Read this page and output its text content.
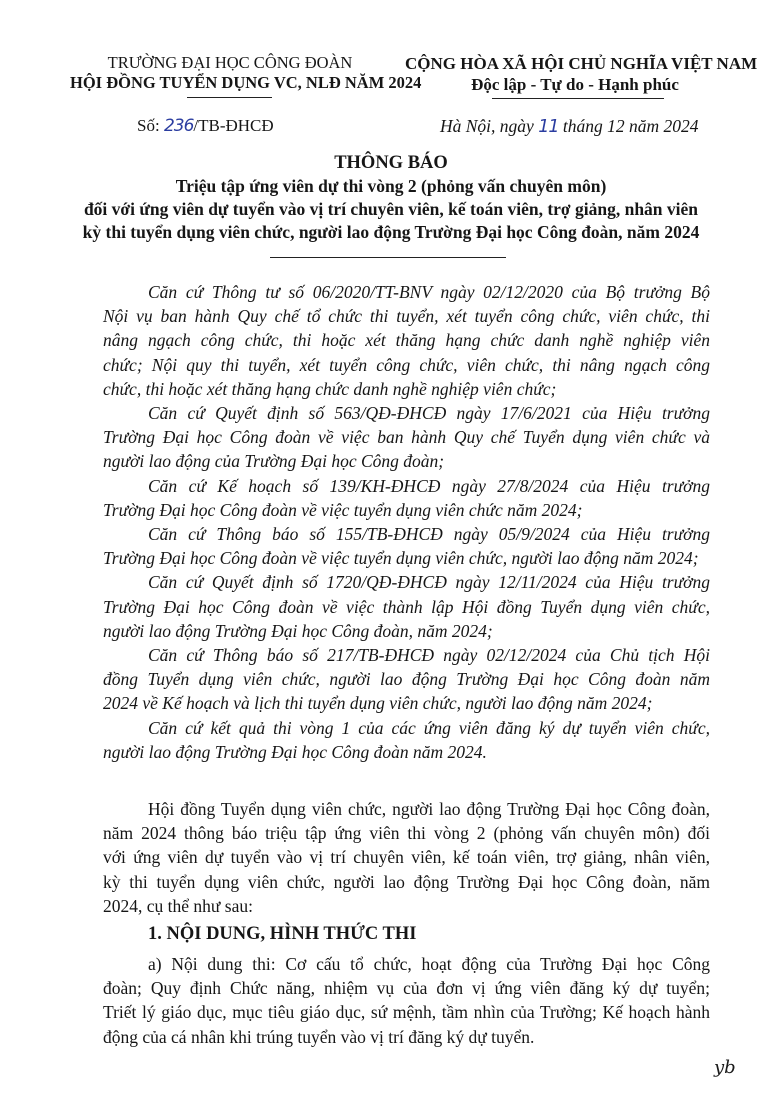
TRƯỜNG ĐẠI HỌC CÔNG ĐOÀN
HỘI ĐỒNG TUYỂN DỤNG VC, NLĐ NĂM 2024
CỘNG HÒA XÃ HỘI CHỦ NGHĨA VIỆT NAM
Độc lập - Tự do - Hạnh phúc
Số: 236/TB-ĐHCĐ	Hà Nội, ngày 11 tháng 12 năm 2024
THÔNG BÁO
Triệu tập ứng viên dự thi vòng 2 (phỏng vấn chuyên môn)
đối với ứng viên dự tuyển vào vị trí chuyên viên, kế toán viên, trợ giảng, nhân viên
kỳ thi tuyển dụng viên chức, người lao động Trường Đại học Công đoàn, năm 2024

Căn cứ Thông tư số 06/2020/TT-BNV ngày 02/12/2020 của Bộ trưởng Bộ
Nội vụ ban hành Quy chế tổ chức thi tuyển, xét tuyển công chức, viên chức, thi
nâng ngạch công chức, thi hoặc xét thăng hạng chức danh nghề nghiệp viên
chức; Nội quy thi tuyển, xét tuyển công chức, viên chức, thi nâng ngạch công
chức, thi hoặc xét thăng hạng chức danh nghề nghiệp viên chức;

Căn cứ Quyết định số 563/QĐ-ĐHCĐ ngày 17/6/2021 của Hiệu trưởng
Trường Đại học Công đoàn về việc ban hành Quy chế Tuyển dụng viên chức và
người lao động của Trường Đại học Công đoàn;

Căn cứ Kế hoạch số 139/KH-ĐHCĐ ngày 27/8/2024 của Hiệu trưởng
Trường Đại học Công đoàn về việc tuyển dụng viên chức năm 2024;

Căn cứ Thông báo số 155/TB-ĐHCĐ ngày 05/9/2024 của Hiệu trưởng
Trường Đại học Công đoàn về việc tuyển dụng viên chức, người lao động năm 2024;

Căn cứ Quyết định số 1720/QĐ-ĐHCĐ ngày 12/11/2024 của Hiệu trưởng
Trường Đại học Công đoàn về việc thành lập Hội đồng Tuyển dụng viên chức,
người lao động Trường Đại học Công đoàn, năm 2024;

Căn cứ Thông báo số 217/TB-ĐHCĐ ngày 02/12/2024 của Chủ tịch Hội
đồng Tuyển dụng viên chức, người lao động Trường Đại học Công đoàn năm
2024 về Kế hoạch và lịch thi tuyển dụng viên chức, người lao động năm 2024;

Căn cứ kết quả thi vòng 1 của các ứng viên đăng ký dự tuyển viên chức,
người lao động Trường Đại học Công đoàn năm 2024.

Hội đồng Tuyển dụng viên chức, người lao động Trường Đại học Công đoàn,
năm 2024 thông báo triệu tập ứng viên thi vòng 2 (phỏng vấn chuyên môn) đối
với ứng viên dự tuyển vào vị trí chuyên viên, kế toán viên, trợ giảng, nhân viên,
kỳ thi tuyển dụng viên chức, người lao động Trường Đại học Công đoàn, năm
2024, cụ thể như sau:

1. NỘI DUNG, HÌNH THỨC THI

a) Nội dung thi: Cơ cấu tổ chức, hoạt động của Trường Đại học Công
đoàn; Quy định Chức năng, nhiệm vụ của đơn vị ứng viên đăng ký dự tuyển;
Triết lý giáo dục, mục tiêu giáo dục, sứ mệnh, tầm nhìn của Trường; Kế hoạch hành
động của cá nhân khi trúng tuyển vào vị trí đăng ký dự tuyển.

yb
